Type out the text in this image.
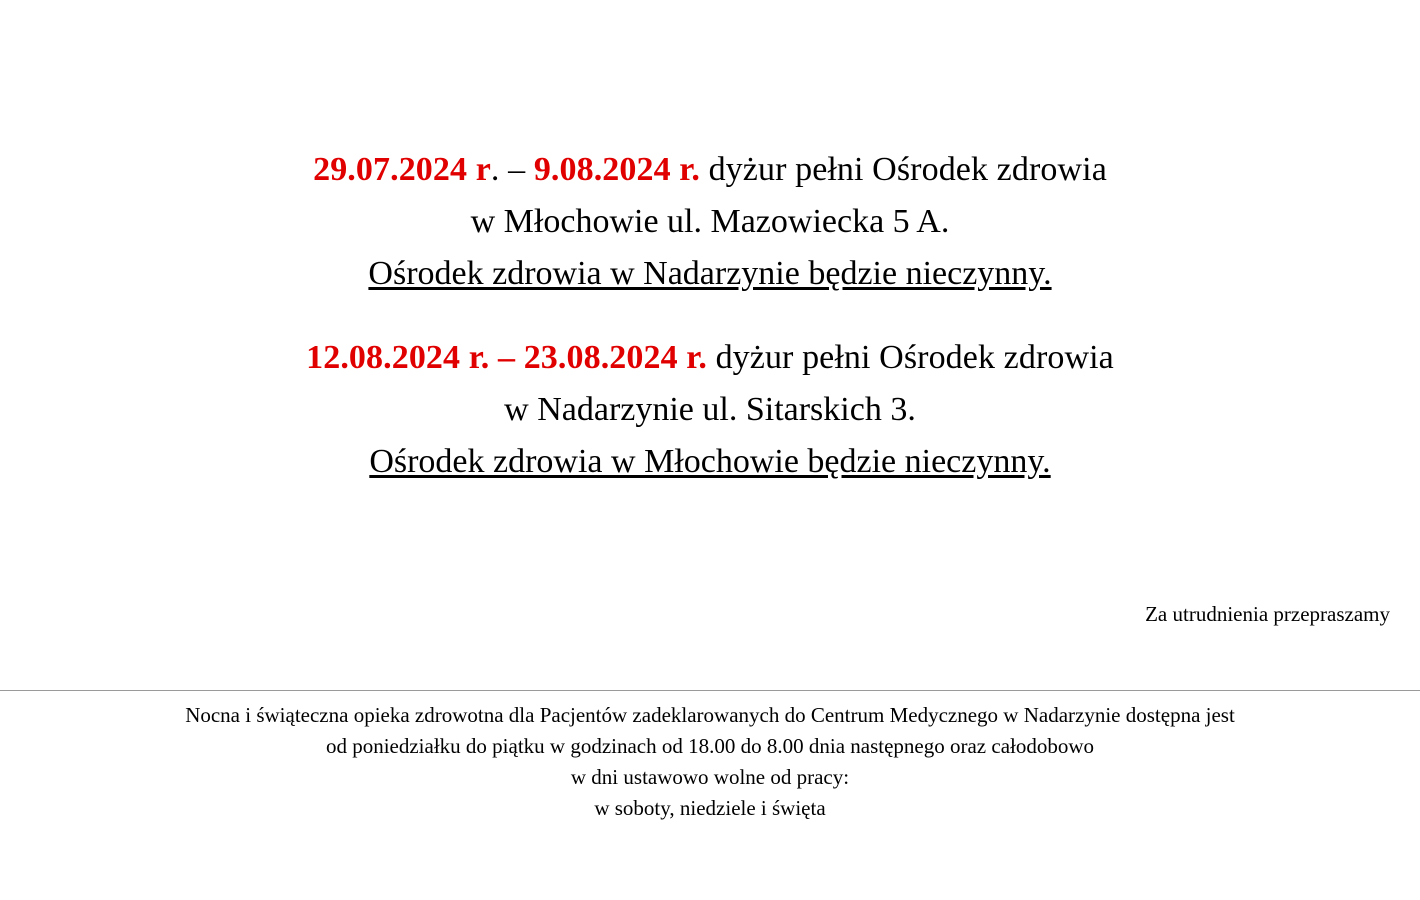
29.07.2024 r. – 9.08.2024 r. dyżur pełni Ośrodek zdrowia
w Młochowie ul. Mazowiecka 5 A.
Ośrodek zdrowia w Nadarzynie będzie nieczynny.
12.08.2024 r. – 23.08.2024 r. dyżur pełni Ośrodek zdrowia
w Nadarzynie ul. Sitarskich 3.
Ośrodek zdrowia w Młochowie będzie nieczynny.
Za utrudnienia przepraszamy
Nocna i świąteczna opieka zdrowotna dla Pacjentów zadeklarowanych do Centrum Medycznego w Nadarzynie dostępna jest
od poniedziałku do piątku w godzinach od 18.00 do 8.00 dnia następnego oraz całodobowo
w dni ustawowo wolne od pracy:
w soboty, niedziele i święta
